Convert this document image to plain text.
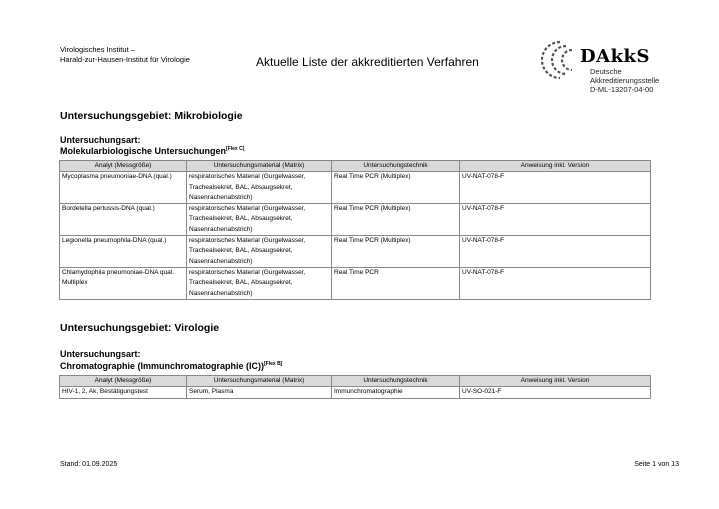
Virologisches Institut –
Harald-zur-Hausen-Institut für Virologie	Aktuelle Liste der akkreditierten Verfahren	DAkkS
Deutsche
Akkreditierungsstelle
D-ML-13207-04-00
Untersuchungsgebiet: Mikrobiologie
Untersuchungsart:
Molekularbiologische Untersuchungen[Flex C]
Analyt (Messgröße)	Untersuchungsmaterial (Matrix)	Untersuchungstechnik	Anweisung inkl. Version
Mycoplasma pneumoniae-DNA (qual.)	respiratorisches Material (Gurgelwasser, Trachealsekret, BAL, Absaugsekret, Nasenrachenabstrich)	Real Time PCR (Multiplex)	UV-NAT-078-F
Bordetella pertussis-DNA (qual.)	respiratorisches Material (Gurgelwasser, Trachealsekret, BAL, Absaugsekret, Nasenrachenabstrich)	Real Time PCR (Multiplex)	UV-NAT-078-F
Legionella pneumophila-DNA (qual.)	respiratorisches Material (Gurgelwasser, Trachealsekret, BAL, Absaugsekret, Nasenrachenabstrich)	Real Time PCR (Multiplex)	UV-NAT-078-F
Chlamydophila pneumoniae-DNA qual. Multiplex	respiratorisches Material (Gurgelwasser, Trachealsekret, BAL, Absaugsekret, Nasenrachenabstrich)	Real Time PCR	UV-NAT-078-F
Untersuchungsgebiet: Virologie
Untersuchungsart:
Chromatographie (Immunchromatographie (IC))[Flex B]
Analyt (Messgröße)	Untersuchungsmaterial (Matrix)	Untersuchungstechnik	Anweisung inkl. Version
HIV-1, 2, Ak, Bestätigungstest	Serum, Plasma	Immunchromatographie	UV-SO-021-F
Stand: 01.09.2025	Seite 1 von 13
